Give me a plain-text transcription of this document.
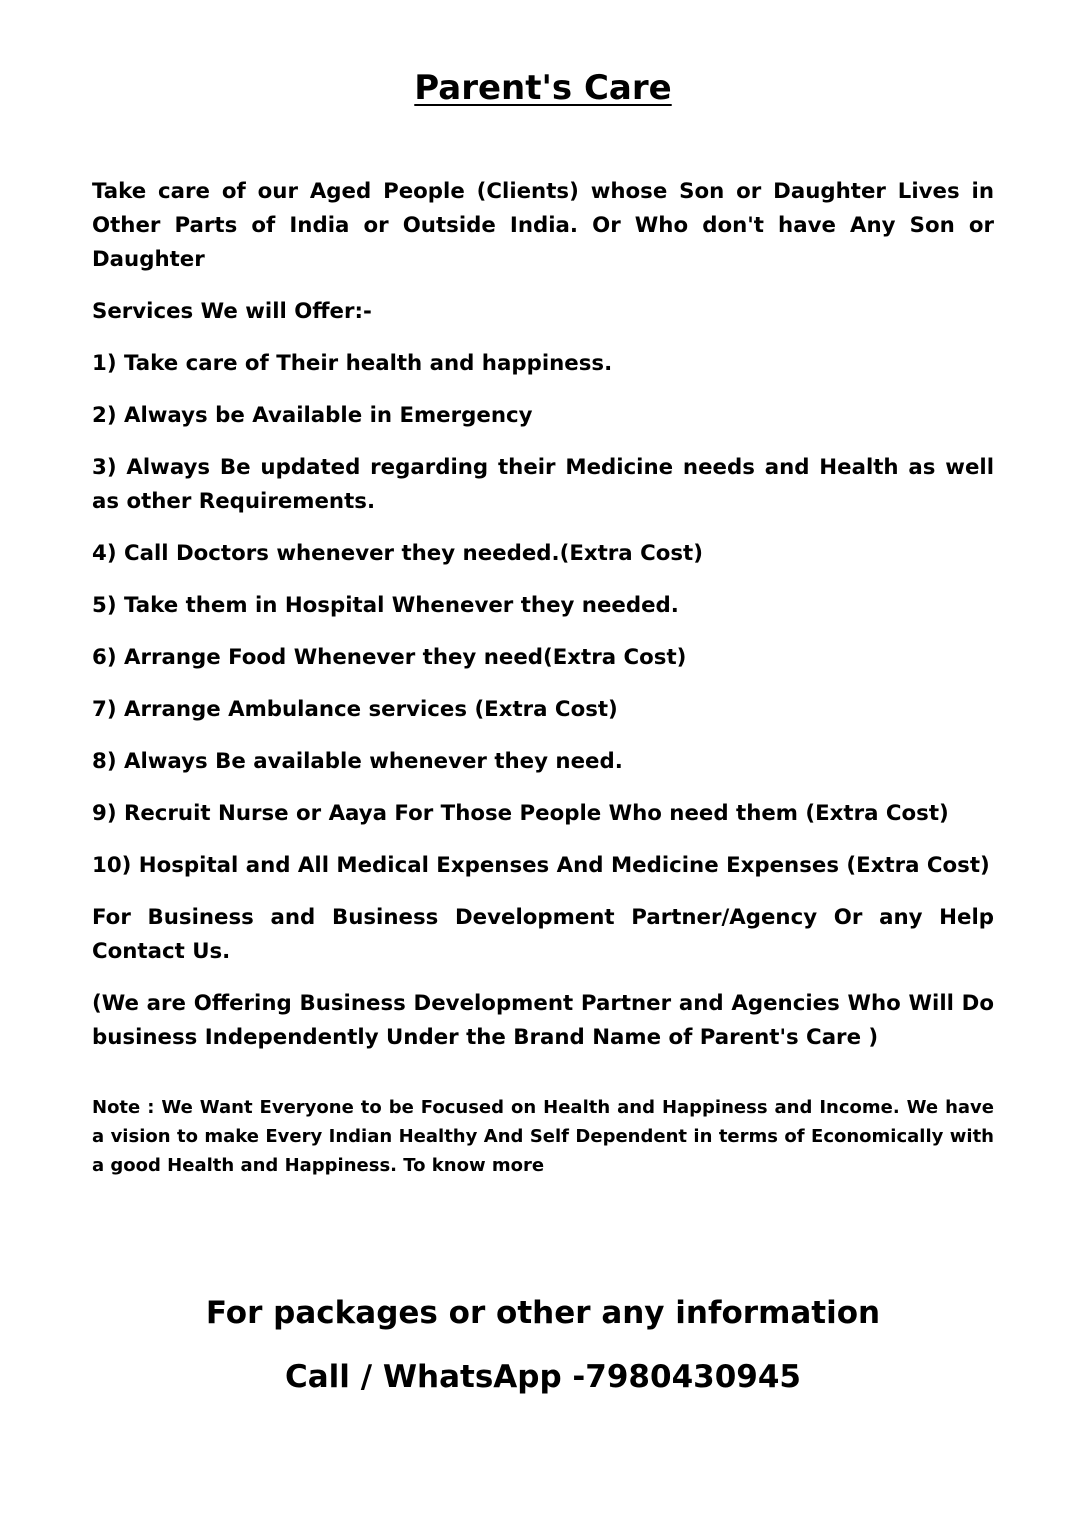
Parent's Care

Take care of our Aged People (Clients) whose Son or Daughter Lives in Other Parts of India or Outside India. Or Who don't have Any Son or Daughter

Services We will Offer:-

1) Take care of Their health and happiness.

2) Always be Available in Emergency

3) Always Be updated regarding their Medicine needs and Health as well as other Requirements.

4) Call Doctors whenever they needed.(Extra Cost)

5) Take them in Hospital Whenever they needed.

6) Arrange Food Whenever they need(Extra Cost)

7) Arrange Ambulance services (Extra Cost)

8) Always Be available whenever they need.

9) Recruit Nurse or Aaya For Those People Who need them (Extra Cost)

10) Hospital and All Medical Expenses And Medicine Expenses (Extra Cost)

For Business and Business Development Partner/Agency Or any Help Contact Us.

(We are Offering Business Development Partner and Agencies Who Will Do business Independently Under the Brand Name of Parent's Care )

Note : We Want Everyone to be Focused on Health and Happiness and Income. We have a vision to make Every Indian Healthy And Self Dependent in terms of Economically with a good Health and Happiness. To know more

For packages or other any information
Call / WhatsApp -7980430945
